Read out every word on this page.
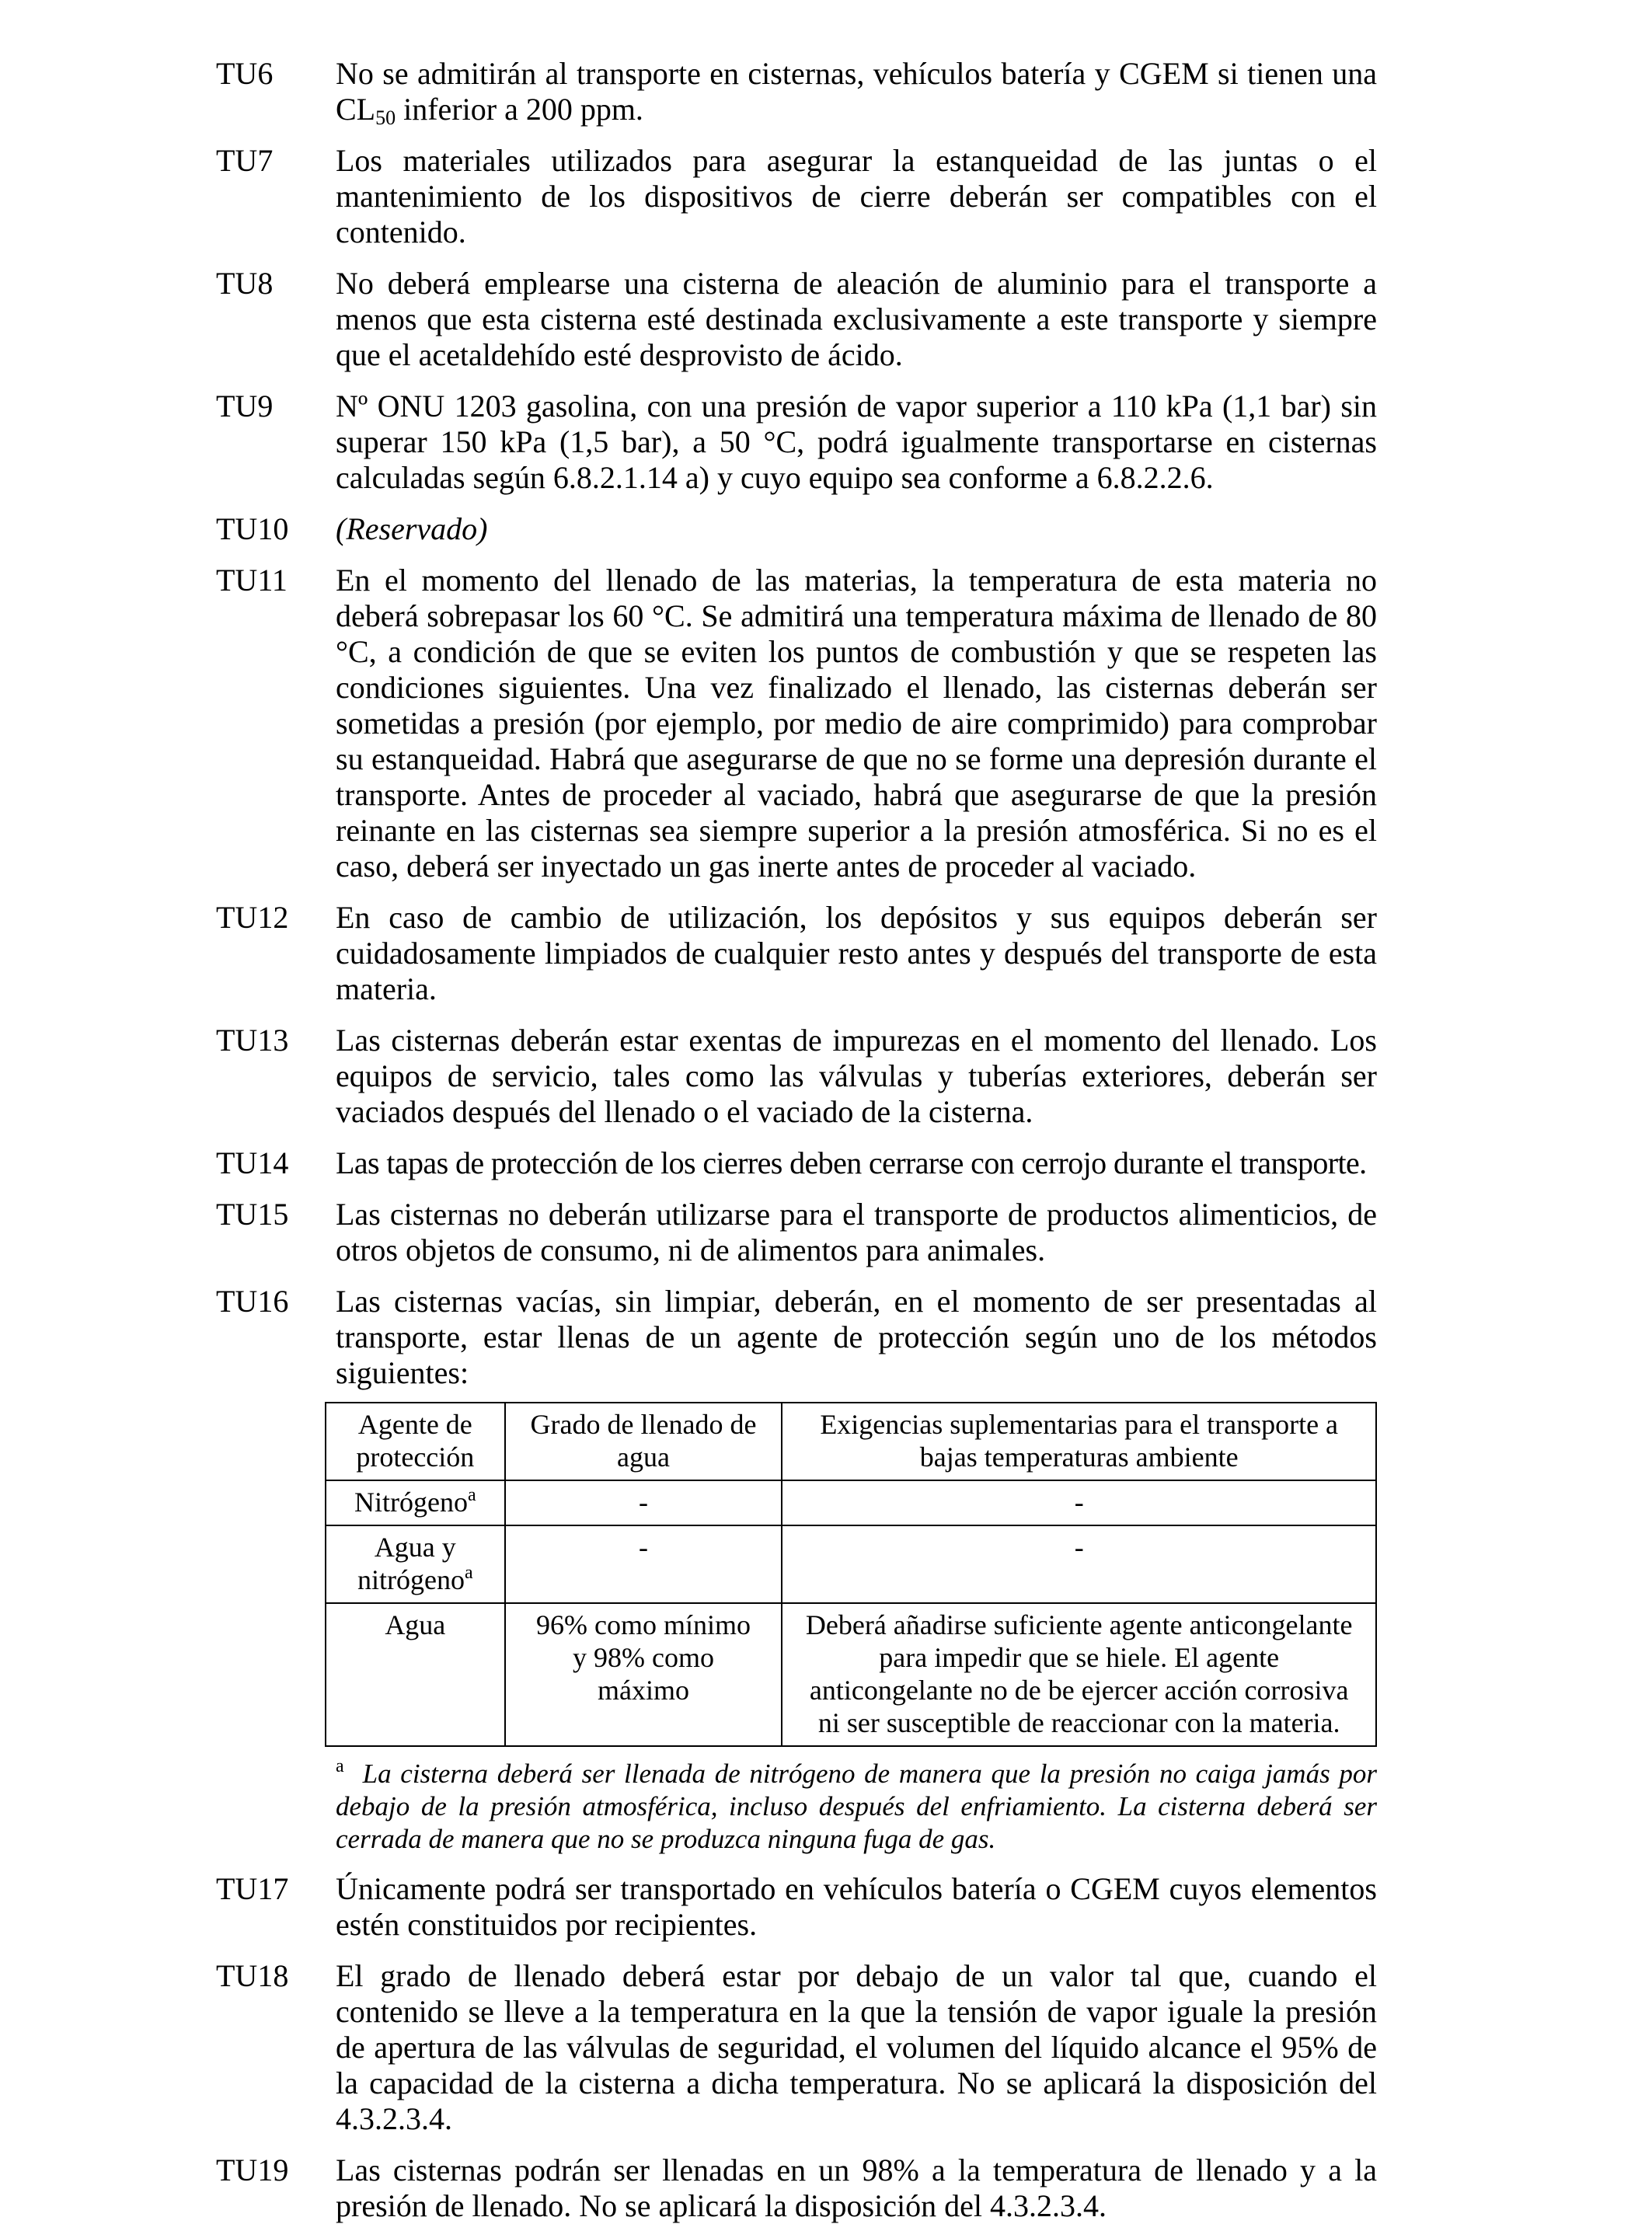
TU6 No se admitirán al transporte en cisternas, vehículos batería y CGEM si tienen una $CL_{50}$ inferior a 200 ppm.
TU7 Los materiales utilizados para asegurar la estanqueidad de las juntas o el mantenimiento de los dispositivos de cierre deberán ser compatibles con el contenido.
TU8 No deberá emplearse una cisterna de aleación de aluminio para el transporte a menos que esta cisterna esté destinada exclusivamente a este transporte y siempre que el acetaldehído esté desprovisto de ácido.
TU9 Nº ONU 1203 gasolina, con una presión de vapor superior a 110 kPa (1,1 bar) sin superar 150 kPa (1,5 bar), a 50 °C, podrá igualmente transportarse en cisternas calculadas según 6.8.2.1.14 a) y cuyo equipo sea conforme a 6.8.2.2.6.
TU10 (Reservado)
TU11 En el momento del llenado de las materias, la temperatura de esta materia no deberá sobrepasar los 60 °C. Se admitirá una temperatura máxima de llenado de 80 °C, a condición de que se eviten los puntos de combustión y que se respeten las condiciones siguientes. Una vez finalizado el llenado, las cisternas deberán ser sometidas a presión (por ejemplo, por medio de aire comprimido) para comprobar su estanqueidad. Habrá que asegurarse de que no se forme una depresión durante el transporte. Antes de proceder al vaciado, habrá que asegurarse de que la presión reinante en las cisternas sea siempre superior a la presión atmosférica. Si no es el caso, deberá ser inyectado un gas inerte antes de proceder al vaciado.
TU12 En caso de cambio de utilización, los depósitos y sus equipos deberán ser cuidadosamente limpiados de cualquier resto antes y después del transporte de esta materia.
TU13 Las cisternas deberán estar exentas de impurezas en el momento del llenado. Los equipos de servicio, tales como las válvulas y tuberías exteriores, deberán ser vaciados después del llenado o el vaciado de la cisterna.
TU14 Las tapas de protección de los cierres deben cerrarse con cerrojo durante el transporte.
TU15 Las cisternas no deberán utilizarse para el transporte de productos alimenticios, de otros objetos de consumo, ni de alimentos para animales.
TU16 Las cisternas vacías, sin limpiar, deberán, en el momento de ser presentadas al transporte, estar llenas de un agente de protección según uno de los métodos siguientes:
Agente de protección	Grado de llenado de agua	Exigencias suplementarias para el transporte a bajas temperaturas ambiente
Nitrógeno$^a$	-	-
Agua y nitrógeno$^a$	-	-
Agua	96% como mínimo y 98% como máximo	Deberá añadirse suficiente agente anticongelante para impedir que se hiele. El agente anticongelante no de be ejercer acción corrosiva ni ser susceptible de reaccionar con la materia.
$^a$ La cisterna deberá ser llenada de nitrógeno de manera que la presión no caiga jamás por debajo de la presión atmosférica, incluso después del enfriamiento. La cisterna deberá ser cerrada de manera que no se produzca ninguna fuga de gas.
TU17 Únicamente podrá ser transportado en vehículos batería o CGEM cuyos elementos estén constituidos por recipientes.
TU18 El grado de llenado deberá estar por debajo de un valor tal que, cuando el contenido se lleve a la temperatura en la que la tensión de vapor iguale la presión de apertura de las válvulas de seguridad, el volumen del líquido alcance el 95% de la capacidad de la cisterna a dicha temperatura. No se aplicará la disposición del 4.3.2.3.4.
TU19 Las cisternas podrán ser llenadas en un 98% a la temperatura de llenado y a la presión de llenado. No se aplicará la disposición del 4.3.2.3.4.
